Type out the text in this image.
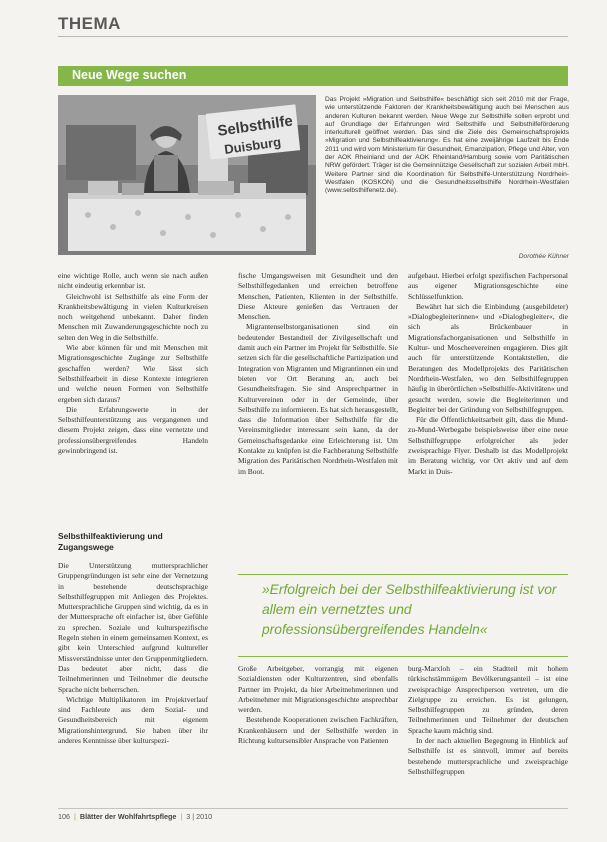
THEMA
Neue Wege suchen
Selbsthilfe
Duisburg
Das Projekt »Migration und Selbsthilfe« beschäftigt sich seit 2010 mit der Frage, wie unterstützende Faktoren der Krankheitsbewältigung auch bei Menschen aus anderen Kulturen bekannt werden. Neue Wege zur Selbsthilfe sollen erprobt und auf Grundlage der Erfahrungen wird Selbsthilfe und Selbsthilfeförderung interkulturell geöffnet werden. Das sind die Ziele des Gemeinschaftsprojekts »Migration und Selbsthilfeaktivierung«. Es hat eine zweijährige Laufzeit bis Ende 2011 und wird vom Ministerium für Gesundheit, Emanzipation, Pflege und Alter, von der AOK Rheinland und der AOK Rheinland/Hamburg sowie vom Paritätischen NRW gefördert. Träger ist die Gemeinnützige Gesellschaft zur sozialen Arbeit mbH. Weitere Partner sind die Koordination für Selbsthilfe-Unterstützung Nordrhein-Westfalen (KOSKON) und die Gesundheitsselbsthilfe Nordrhein-Westfalen (www.selbsthilfenetz.de).
Dorothée Kühner

eine wichtige Rolle, auch wenn sie nach außen nicht eindeutig erkennbar ist.

Gleichwohl ist Selbsthilfe als eine Form der Krankheitsbewältigung in vielen Kulturkreisen noch weitgehend unbekannt. Daher finden Menschen mit Zuwanderungsgeschichte noch zu selten den Weg in die Selbsthilfe.

Wie aber können für und mit Menschen mit Migrationsgeschichte Zugänge zur Selbsthilfe geschaffen werden? Wie lässt sich Selbsthilfearbeit in diese Kontexte integrieren und welche neuen Formen von Selbsthilfe ergeben sich daraus?

Die Erfahrungswerte in der Selbsthilfeunterstützung aus vergangenen und diesem Projekt zeigen, dass eine vernetzte und professionsübergreifendes Handeln gewinnbringend ist.

Selbsthilfeaktivierung und Zugangswege

Die Unterstützung muttersprachlicher Gruppengründungen ist sehr eine der Vernetzung in bestehende deutschsprachige Selbsthilfegruppen mit Anliegen des Projektes. Muttersprachliche Gruppen sind wichtig, da es in der Muttersprache oft einfacher ist, über Gefühle zu sprechen. Soziale und kulturspezifische Regeln stehen in einem gemeinsamen Kontext, es gibt kein Unterschied aufgrund kultureller Missverständnisse unter den Gruppenmitgliedern. Das bedeutet aber nicht, dass die Teilnehmerinnen und Teilnehmer die deutsche Sprache nicht beherrschen.

Wichtige Multiplikatoren im Projektverlauf sind Fachleute aus dem Sozial- und Gesundheitsbereich mit eigenem Migrationshintergrund. Sie haben über ihr anderes Kenntnisse über kulturspezi-

fische Umgangsweisen mit Gesundheit und den Selbsthilfegedanken und erreichen betroffene Menschen, Patienten, Klienten in der Selbsthilfe. Diese Akteure genießen das Vertrauen der Menschen.

Migrantenselbstorganisationen sind ein bedeutender Bestandteil der Zivilgesellschaft und damit auch ein Partner im Projekt für Selbsthilfe. Sie setzen sich für die gesellschaftliche Partizipation und Integration von Migranten und Migrantinnen ein und bieten vor Ort Beratung an, auch bei Gesundheitsfragen. Sie sind Ansprechpartner in Kulturvereinen oder in der Gemeinde, über Selbsthilfe zu informieren. Es hat sich herausgestellt, dass die Information über Selbsthilfe für die Vereinsmitglieder interessant sein kann, da der Gemeinschaftsgedanke eine Erleichterung ist. Um Kontakte zu knüpfen ist die Fachberatung Selbsthilfe Migration des Paritätischen Nordrhein-Westfalen mit im Boot.

aufgebaut. Hierbei erfolgt spezifischen Fachpersonal aus eigener Migrationsgeschichte eine Schlüsselfunktion.

Bewährt hat sich die Einbindung (ausgebildeter) »Dialogbegleiterinnen« und »Dialogbegleiter«, die sich als Brückenbauer in Migrationsfachorganisationen und Selbsthilfe in Kultur- und Moscheevereinen engagieren. Dies gilt auch für unterstützende Kontaktstellen, die Beratungen des Modellprojekts des Paritätischen Nordrhein-Westfalen, wo den Selbsthilfegruppen häufig in überörtlichen »Selbsthilfe-Aktivitäten« und gesucht werden, sowie die Begleiterinnen und Begleiter bei der Gründung von Selbsthilfegruppen.

Für die Öffentlichkeitsarbeit gilt, dass die Mund-zu-Mund-Werbegabe beispielsweise über eine neue Selbsthilfegruppe erfolgreicher als jeder zweisprachige Flyer. Deshalb ist das Modellprojekt im Beratung wichtig, vor Ort aktiv und auf dem Markt in Duis-

»Erfolgreich bei der Selbsthilfeaktivierung ist vor allem ein vernetztes und professionsübergreifendes Handeln«

Große Arbeitgeber, vorrangig mit eigenen Sozialdiensten oder Kulturzentren, sind ebenfalls Partner im Projekt, da hier Arbeitnehmerinnen und Arbeitnehmer mit Migrationsgeschichte ansprechbar werden.

Bestehende Kooperationen zwischen Fachkräften, Krankenhäusern und der Selbsthilfe werden in Richtung kultursensibler Ansprache von Patienten

burg-Marxloh – ein Stadtteil mit hohem türkischstämmigem Bevölkerungsanteil – ist eine zweisprachige Ansprechperson vertreten, um die Zielgruppe zu erreichen. Es ist gelungen, Selbsthilfegruppen zu gründen, deren Teilnehmerinnen und Teilnehmer der deutschen Sprache kaum mächtig sind.

In der nach aktuellen Begegnung in Hinblick auf Selbsthilfe ist es sinnvoll, immer auf bereits bestehende muttersprachliche und zweisprachige Selbsthilfegruppen

106 | Blätter der Wohlfahrtspflege | 3 | 2010
